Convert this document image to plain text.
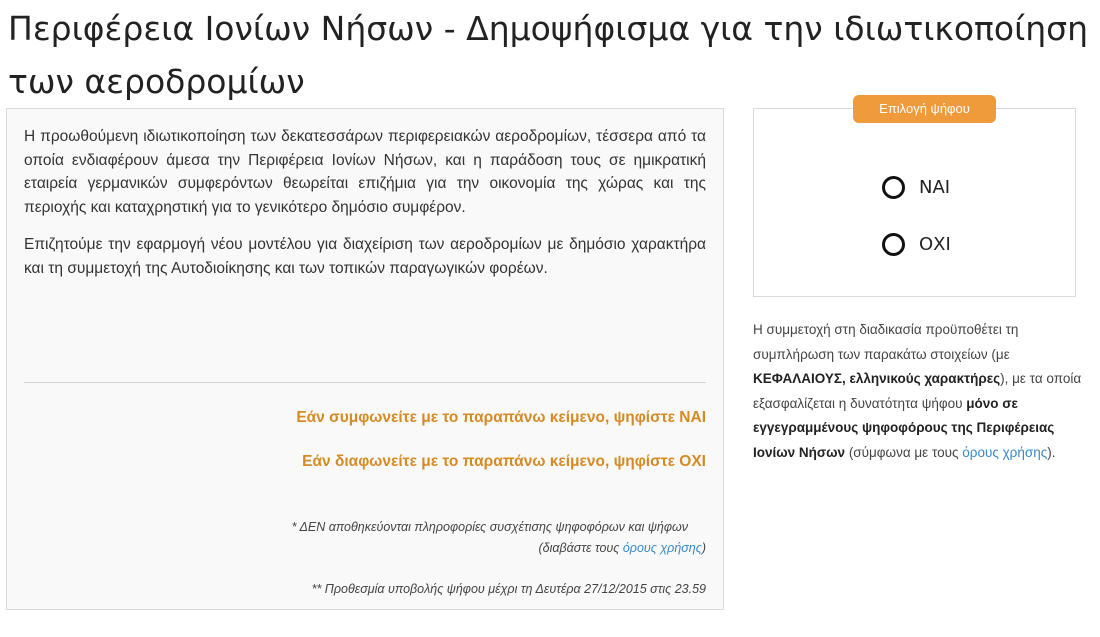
Περιφέρεια Ιονίων Νήσων - Δημοψήφισμα για την ιδιωτικοποίηση των αεροδρομίων

Η προωθούμενη ιδιωτικοποίηση των δεκατεσσάρων περιφερειακών αεροδρομίων, τέσσερα από τα οποία ενδιαφέρουν άμεσα την Περιφέρεια Ιονίων Νήσων, και η παράδοση τους σε ημικρατική εταιρεία γερμανικών συμφερόντων θεωρείται επιζήμια για την οικονομία της χώρας και της περιοχής και καταχρηστική για το γενικότερο δημόσιο συμφέρον.

Επιζητούμε την εφαρμογή νέου μοντέλου για διαχείριση των αεροδρομίων με δημόσιο χαρακτήρα και τη συμμετοχή της Αυτοδιοίκησης και των τοπικών παραγωγικών φορέων.

Εάν συμφωνείτε με το παραπάνω κείμενο, ψηφίστε ΝΑΙ
Εάν διαφωνείτε με το παραπάνω κείμενο, ψηφίστε ΟΧΙ
* ΔΕΝ αποθηκεύονται πληροφορίες συσχέτισης ψηφοφόρων και ψήφων
(διαβάστε τους όρους χρήσης)
** Προθεσμία υποβολής ψήφου μέχρι τη Δευτέρα 27/12/2015 στις 23.59
Επιλογή ψήφου
ΝΑΙ
ΟΧΙ

Η συμμετοχή στη διαδικασία προϋποθέτει τη συμπλήρωση των παρακάτω στοιχείων (με ΚΕΦΑΛΑΙΟΥΣ, ελληνικούς χαρακτήρες), με τα οποία εξασφαλίζεται η δυνατότητα ψήφου μόνο σε εγγεγραμμένους ψηφοφόρους της Περιφέρειας Ιονίων Νήσων (σύμφωνα με τους όρους χρήσης).
